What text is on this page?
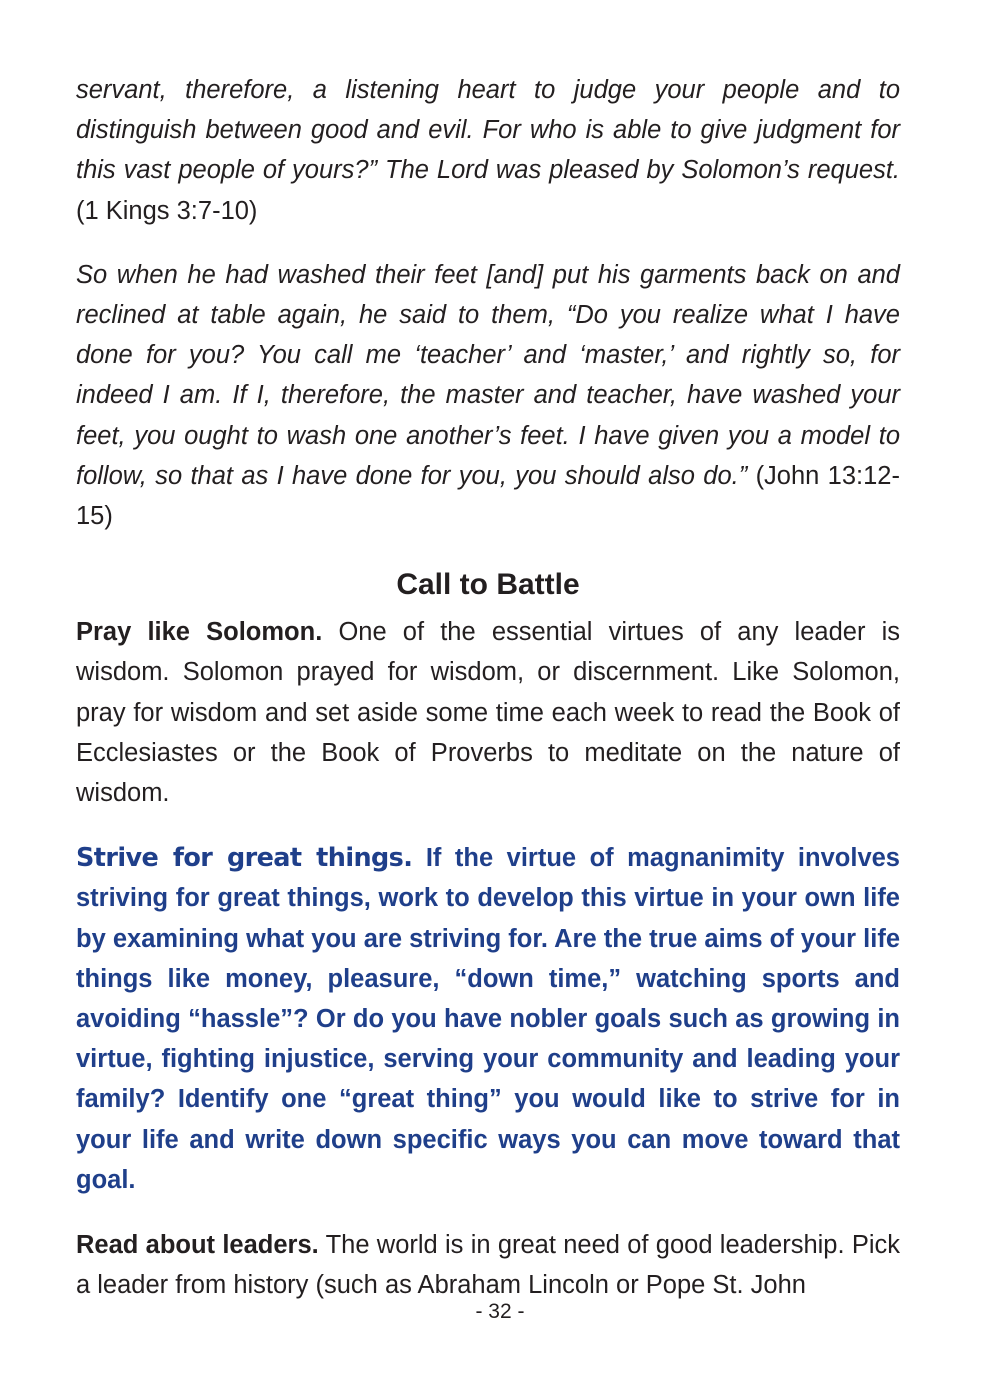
servant, therefore, a listening heart to judge your people and to distinguish between good and evil. For who is able to give judgment for this vast people of yours?” The Lord was pleased by Solomon’s request. (1 Kings 3:7-10)

So when he had washed their feet [and] put his garments back on and reclined at table again, he said to them, “Do you realize what I have done for you? You call me ‘teacher’ and ‘master,’ and rightly so, for indeed I am. If I, therefore, the master and teacher, have washed your feet, you ought to wash one another’s feet. I have given you a model to follow, so that as I have done for you, you should also do.” (John 13:12-15)

Call to Battle

Pray like Solomon. One of the essential virtues of any leader is wisdom. Solomon prayed for wisdom, or discernment. Like Solomon, pray for wisdom and set aside some time each week to read the Book of Ecclesiastes or the Book of Proverbs to meditate on the nature of wisdom.

Strive for great things. If the virtue of magnanimity involves striving for great things, work to develop this virtue in your own life by examining what you are striving for. Are the true aims of your life things like money, pleasure, “down time,” watching sports and avoiding “hassle”? Or do you have nobler goals such as growing in virtue, fighting injustice, serving your community and leading your family? Identify one “great thing” you would like to strive for in your life and write down specific ways you can move toward that goal.

Read about leaders. The world is in great need of good leadership. Pick a leader from history (such as Abraham Lincoln or Pope St. John

- 32 -
